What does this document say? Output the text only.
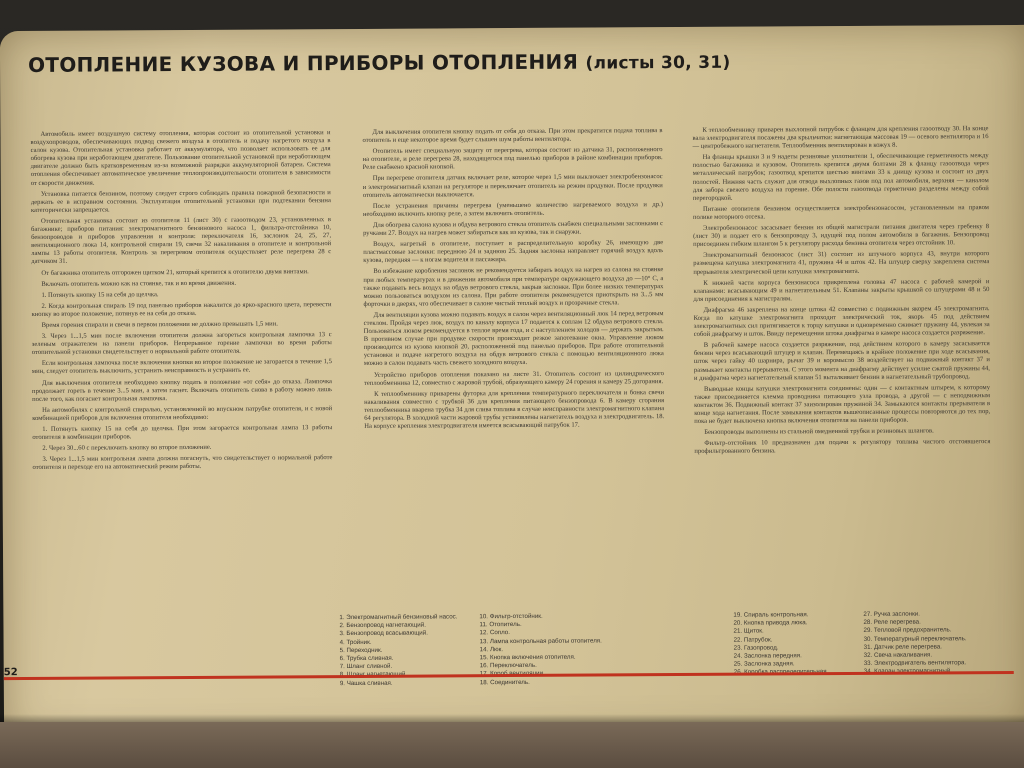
ОТОПЛЕНИЕ КУЗОВА И ПРИБОРЫ ОТОПЛЕНИЯ (листы 30, 31)

Автомобиль имеет воздушную систему отопления, которая состоит из отопительной установки и воздухопроводов, обеспечивающих подвод свежего воздуха в отопитель и подачу нагретого воздуха в салон кузова. Отопительная установка работает от аккумулятора, что позволяет использовать ее для обогрева кузова при неработающем двигателе. Пользование отопительной установкой при неработающем двигателе должно быть кратковременным из-за возможной разрядки аккумуляторной батареи. Система отопления обеспечивает автоматическое увеличение теплопроизводительности отопителя в зависимости от скорости движения.

Установка питается бензином, поэтому следует строго соблюдать правила пожарной безопасности и держать ее в исправном состоянии. Эксплуатация отопительной установки при подтекании бензина категорически запрещается.

Отопительная установка состоит из отопителя 11 (лист 30) с газоотводом 23, установленных в багажнике; приборов питания: электромагнитного бензинового насоса 1, фильтра-отстойника 10, бензопроводов и приборов управления и контроля: переключателя 16, заслонок 24, 25, 27, вентиляционного люка 14, контрольной спирали 19, свечи 32 накаливания в отопителе и контрольной лампы 13 работы отопителя. Контроль за перегревом отопителя осуществляет реле перегрева 28 с датчиком 31.

От багажника отопитель отгорожен щитком 21, который крепится к отопителю двумя винтами.

Включать отопитель можно как на стоянке, так и во время движения.

1. Потянуть кнопку 15 на себя до щелчка.

2. Когда контрольная спираль 19 под панелью приборов накалится до ярко-красного цвета, перевести кнопку во второе положение, потянув ее на себя до отказа.

Время горения спирали и свечи в первом положении не должно превышать 1,5 мин.

3. Через 1...1,5 мин после включения отопителя должна загореться контрольная лампочка 13 с зеленым отражателем на панели приборов. Непрерывное горение лампочки во время работы отопительной установки свидетельствует о нормальной работе отопителя.

Если контрольная лампочка после включения кнопки во второе положение не загорается в течение 1,5 мин, следует отопитель выключить, устранить неисправность и устранить ее.

Для выключения отопителя необходимо кнопку подать в положение «от себя» до отказа. Лампочка продолжает гореть в течение 3...5 мин, а затем гаснет. Включать отопитель снова в работу можно лишь после того, как погаснет контрольная лампочка.

На автомобилях с контрольной спиралью, установленной во впускном патрубке отопителя, и с новой комбинацией приборов для включения отопителя необходимо:

1. Потянуть кнопку 15 на себя до щелчка. При этом загорается контрольная лампа 13 работы отопителя в комбинации приборов.

2. Через 30...60 с переключить кнопку во второе положение.

3. Через 1...1,5 мин контрольная лампа должна погаснуть, что свидетельствует о нормальной работе отопителя и переходе его на автоматический режим работы.

Для выключения отопителя кнопку подать от себя до отказа. При этом прекратится подача топлива в отопитель и еще некоторое время будет слышен шум работы вентилятора.

Отопитель имеет специальную защиту от перегрева, которая состоит из датчика 31, расположенного на отопителе, и реле перегрева 28, находящегося под панелью приборов в районе комбинации приборов. Реле снабжено красной кнопкой.

При перегреве отопителя датчик включает реле, которое через 1,5 мин выключает электробензонасос и электромагнитный клапан на регуляторе и переключает отопитель на режим продувки. После продувки отопитель автоматически выключается.

После устранения причины перегрева (уменьшено количество нагреваемого воздуха и др.) необходимо включить кнопку реле, а затем включить отопитель.

Для обогрева салона кузова и обдува ветрового стекла отопитель снабжен специальными заслонками с ручками 27. Воздух на нагрев может забираться как из кузова, так и снаружи.

Воздух, нагретый в отопителе, поступает в распределительную коробку 26, имеющую две пластмассовые заслонки: переднюю 24 и заднюю 25. Задняя заслонка направляет горячий воздух вдоль кузова, передняя — к ногам водителя и пассажира.

Во избежание коробления заслонок не рекомендуется забирать воздух на нагрев из салона на стоянке при любых температурах и в движении автомобиля при температуре окружающего воздуха до —10° С, а также подавать весь воздух на обдув ветрового стекла, закрыв заслонки. При более низких температурах можно пользоваться воздухом из салона. При работе отопителя рекомендуется приоткрыть на 3...5 мм форточки в дверях, что обеспечивает в салоне чистый теплый воздух и прозрачные стекла.

Для вентиляции кузова можно подавать воздух в салон через вентиляционный люк 14 перед ветровым стеклом. Пройдя через люк, воздух по каналу корпуса 17 подается к соплам 12 обдува ветрового стекла. Пользоваться люком рекомендуется в теплое время года, и с наступлением холодов — держать закрытым. В противном случае при продувке скорости происходит резкое запотевание окна. Управление люком производится из кузова кнопкой 20, расположенной под панелью приборов. При работе отопительной установки и подаче нагретого воздуха на обдув ветрового стекла с помощью вентиляционного люка можно в салон подавать часть свежего холодного воздуха.

Устройство приборов отопления показано на листе 31. Отопитель состоит из цилиндрического теплообменника 12, совместно с жаровой трубой, образующего камеру 24 горения и камеру 25 догорания.

К теплообменнику приварены футорка для крепления температурного переключателя и бонка свечи накаливания совместно с трубкой 36 для крепления питающего бензопровода 6. В камеру сгорания теплообменника вварена трубка 34 для слива топлива в случае неисправности электромагнитного клапана 64 регулятора. В холодной части жаровой трубы установлены нагнетатель воздуха и электродвигатель. 18. На корпусе крепления электродвигателя имеется всасывающий патрубок 17.

К теплообменнику приварен выхлопной патрубок с фланцем для крепления газоотводу 30. На конце вала электродвигателя посажены два крыльчатки: нагнетающая массовая 19 — осевого вентилятора и 16 — центробежного нагнетателя. Теплообменник вентилирован в кожух 8.

На фланцы крышки 3 и 9 надеты резиновые уплотнители 1, обеспечивающие герметичность между полостью багажника и кузовом. Отопитель крепится двумя болтами 28 к фланцу газоотвода через металлический патрубок; газоотвод крепится шестью винтами 33 к днищу кузова и состоит из двух полостей. Нижняя часть служит для отвода выхлопных газов под пол автомобиля, верхняя — каналом для забора свежего воздуха на горение. Обе полости газоотвода герметично разделены между собой перегородкой.

Питание отопителя бензином осуществляется электробензонасосом, установленным на правом полике моторного отсека.

Электробензонасос засасывает бензин из общей магистрали питания двигателя через гребенку 8 (лист 30) и подает его к бензопроводу 3, идущей под полом автомобиля в багажник. Бензопровод присоединен гибким шлангом 5 к регулятору расхода бензина отопителя через отстойник 10.

Электромагнитный бензонасос (лист 31) состоит из штучного корпуса 43, внутри которого размещена катушка электромагнита 41, пружина 44 и шток 42. На штуцер сверху закреплена система прерывателя электрической цепи катушки электромагнита.

К нижней части корпуса бензонасоса прикреплена головка 47 насоса с рабочей камерой и клапанами: всасывающим 49 и нагнетательным 51. Клапаны закрыты крышкой со штуцерами 48 и 50 для присоединения к магистралям.

Диафрагма 46 закреплена на конце штока 42 совместно с подвижным якорем 45 электромагнита. Когда по катушке электромагнита проходит электрический ток, якорь 45 под действием электромагнитных сил притягивается к торцу катушки и одновременно сжимает пружину 44, увлекая за собой диафрагму и шток. Ввиду перемещения штока диафрагма в камере насоса создается разряжение.

В рабочей камере насоса создается разряжение, под действием которого в камеру засасывается бензин через всасывающий штуцер и клапан. Перемещаясь в крайнее положение при ходе всасывания, шток через гайку 40 шарнира, рычаг 39 и коромысло 38 воздействует на подвижный контакт 37 и размыкает контакты прерывателя. С этого момента на диафрагму действует усилие сжатой пружины 44, и диафрагма через нагнетательный клапан 51 выталкивает бензин в нагнетательный трубопровод.

Выводные концы катушки электромагнита соединены: один — с контактным штырем, к которому также присоединяется клемма проводника питающего узла провода, а другой — с неподвижным контактом 36. Подвижный контакт 37 заизолирован пружиной 34. Замыкаются контакты прерывателя в конце хода нагнетания. После замыкания контактов вышеописанные процессы повторяются до тех пор, пока не будет выключена кнопка включения отопителя на панели приборов.

Бензопроводы выполнены из стальной омедненной трубки и резиновых шлангов.

Фильтр-отстойник 10 предназначен для подачи к регулятору топлива чистого отстоявшегося профильтрованного бензина.

1. Электромагнитный бензиновый насос.
2. Бензопровод нагнетающий.
3. Бензопровод всасывающий.
4. Тройник.
5. Переходник.
6. Трубка сливная.
7. Шланг сливной.
9. Чашка сливная.
10. Фильтр-отстойник.
11. Отопитель.
12. Сопло.
13. Лампа контрольная работы отопителя.
14. Люк.
15. Кнопка включения отопителя.
16. Переключатель.
18. Соединитель.
19. Спираль контрольная.
20. Кнопка привода люка.
21. Щиток.
22. Патрубок.
23. Газопровод.
24. Заслонка передняя.
25. Заслонка задняя.
27. Ручка заслонки.
28. Реле перегрева.
29. Тепловой предохранитель.
30. Температурный переключатель.
31. Датчик реле перегрева.
32. Свеча накаливания.
33. Электродвигатель вентилятора.
52
